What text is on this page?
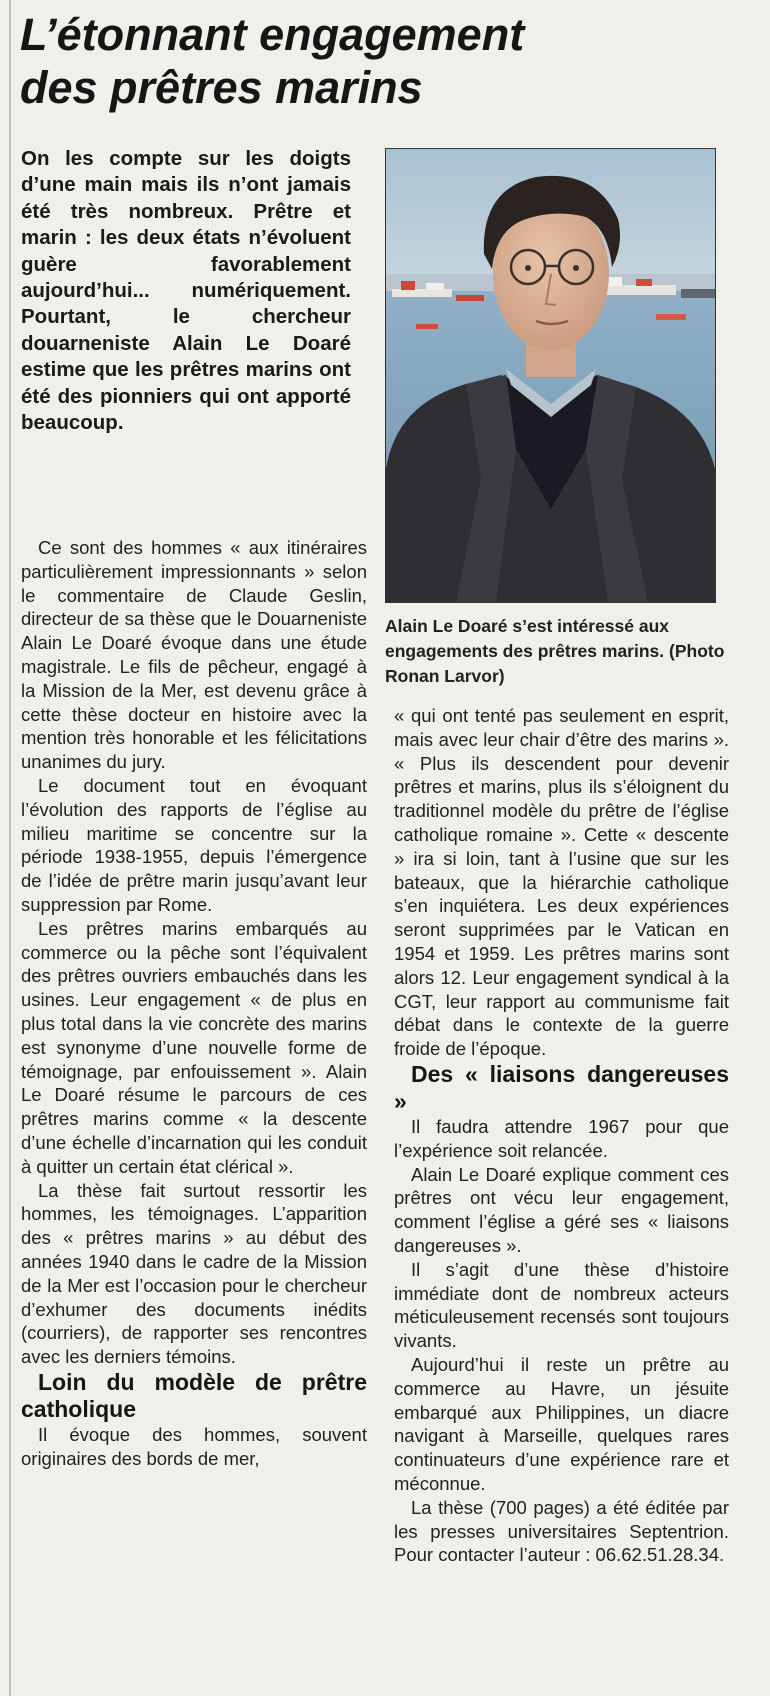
L’étonnant engagement
des prêtres marins

On les compte sur les doigts d’une main mais ils n’ont jamais été très nombreux. Prêtre et marin : les deux états n’évoluent guère favorablement aujourd’hui... numériquement. Pourtant, le chercheur douarneniste Alain Le Doaré estime que les prêtres marins ont été des pionniers qui ont apporté beaucoup.

Alain Le Doaré s’est intéressé aux engagements des prêtres marins. (Photo Ronan Larvor)

Ce sont des hommes « aux itinéraires particulièrement impressionnants » selon le commentaire de Claude Geslin, directeur de sa thèse que le Douarneniste Alain Le Doaré évoque dans une étude magistrale. Le fils de pêcheur, engagé à la Mission de la Mer, est devenu grâce à cette thèse docteur en histoire avec la mention très honorable et les félicitations unanimes du jury.

Le document tout en évoquant l’évolution des rapports de l’église au milieu maritime se concentre sur la période 1938-1955, depuis l’émergence de l’idée de prêtre marin jusqu’avant leur suppression par Rome.

Les prêtres marins embarqués au commerce ou la pêche sont l’équivalent des prêtres ouvriers embauchés dans les usines. Leur engagement « de plus en plus total dans la vie concrète des marins est synonyme d’une nouvelle forme de témoignage, par enfouissement ». Alain Le Doaré résume le parcours de ces prêtres marins comme « la descente d’une échelle d’incarnation qui les conduit à quitter un certain état clérical ».

La thèse fait surtout ressortir les hommes, les témoignages. L’apparition des « prêtres marins » au début des années 1940 dans le cadre de la Mission de la Mer est l’occasion pour le chercheur d’exhumer des documents inédits (courriers), de rapporter ses rencontres avec les derniers témoins.

Loin du modèle de prêtre catholique

Il évoque des hommes, souvent originaires des bords de mer,

« qui ont tenté pas seulement en esprit, mais avec leur chair d’être des marins ». « Plus ils descendent pour devenir prêtres et marins, plus ils s’éloignent du traditionnel modèle du prêtre de l’église catholique romaine ». Cette « descente » ira si loin, tant à l’usine que sur les bateaux, que la hiérarchie catholique s’en inquiétera. Les deux expériences seront supprimées par le Vatican en 1954 et 1959. Les prêtres marins sont alors 12. Leur engagement syndical à la CGT, leur rapport au communisme fait débat dans le contexte de la guerre froide de l’époque.

Des « liaisons dangereuses »

Il faudra attendre 1967 pour que l’expérience soit relancée.

Alain Le Doaré explique comment ces prêtres ont vécu leur engagement, comment l’église a géré ses « liaisons dangereuses ».

Il s’agit d’une thèse d’histoire immédiate dont de nombreux acteurs méticuleusement recensés sont toujours vivants.

Aujourd’hui il reste un prêtre au commerce au Havre, un jésuite embarqué aux Philippines, un diacre navigant à Marseille, quelques rares continuateurs d’une expérience rare et méconnue.

La thèse (700 pages) a été éditée par les presses universitaires Septentrion. Pour contacter l’auteur : 06.62.51.28.34.
